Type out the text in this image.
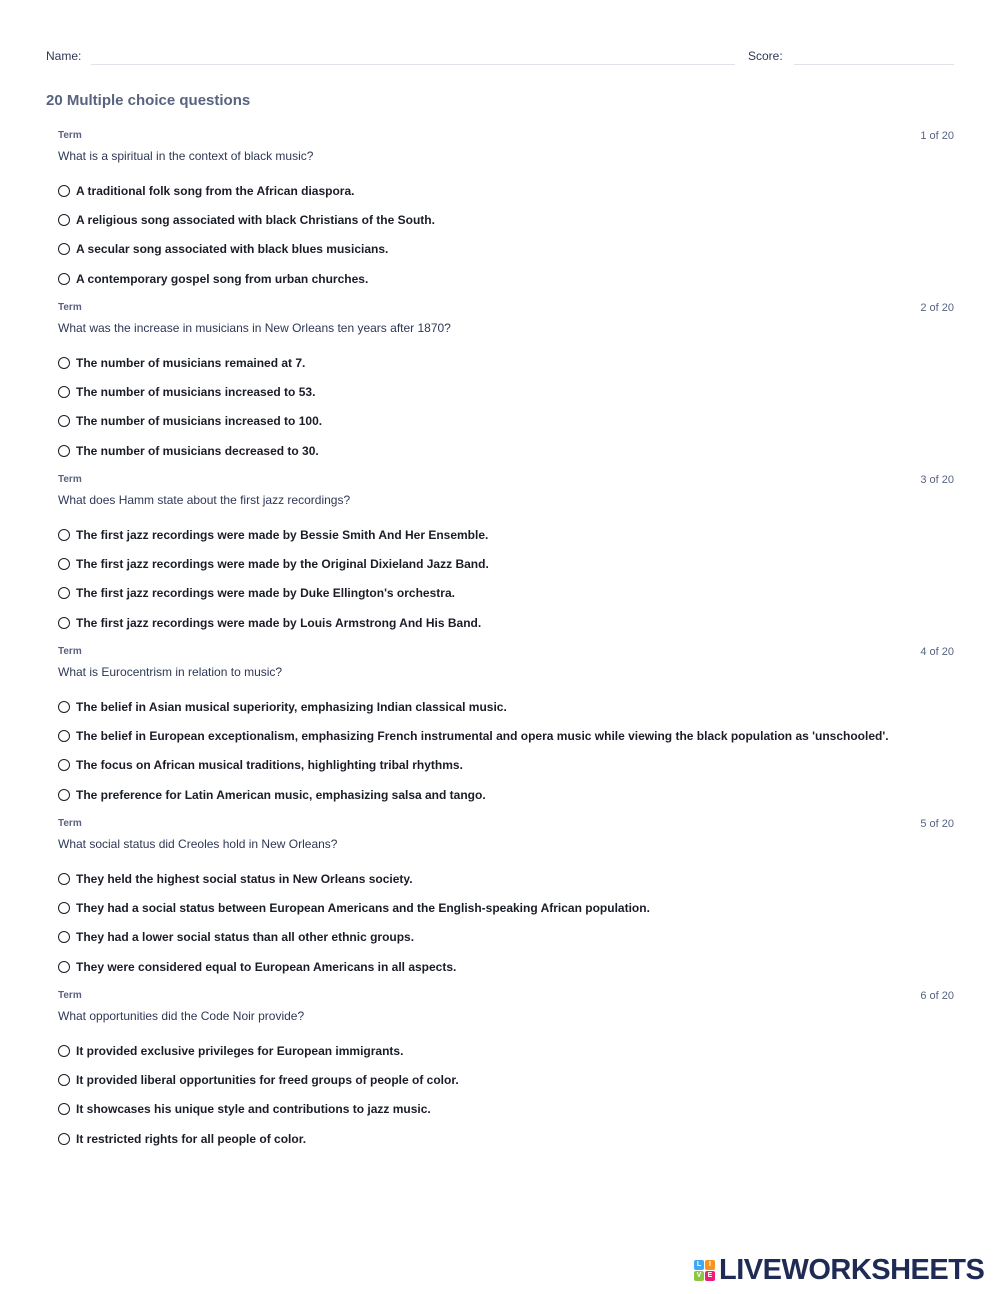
Name:	Score:
20 Multiple choice questions
Term	1 of 20
What is a spiritual in the context of black music?
A traditional folk song from the African diaspora.
A religious song associated with black Christians of the South.
A secular song associated with black blues musicians.
A contemporary gospel song from urban churches.
Term	2 of 20
What was the increase in musicians in New Orleans ten years after 1870?
The number of musicians remained at 7.
The number of musicians increased to 53.
The number of musicians increased to 100.
The number of musicians decreased to 30.
Term	3 of 20
What does Hamm state about the first jazz recordings?
The first jazz recordings were made by Bessie Smith And Her Ensemble.
The first jazz recordings were made by the Original Dixieland Jazz Band.
The first jazz recordings were made by Duke Ellington's orchestra.
The first jazz recordings were made by Louis Armstrong And His Band.
Term	4 of 20
What is Eurocentrism in relation to music?
The belief in Asian musical superiority, emphasizing Indian classical music.
The belief in European exceptionalism, emphasizing French instrumental and opera music while viewing the black population as 'unschooled'.
The focus on African musical traditions, highlighting tribal rhythms.
The preference for Latin American music, emphasizing salsa and tango.
Term	5 of 20
What social status did Creoles hold in New Orleans?
They held the highest social status in New Orleans society.
They had a social status between European Americans and the English-speaking African population.
They had a lower social status than all other ethnic groups.
They were considered equal to European Americans in all aspects.
Term	6 of 20
What opportunities did the Code Noir provide?
It provided exclusive privileges for European immigrants.
It provided liberal opportunities for freed groups of people of color.
It showcases his unique style and contributions to jazz music.
It restricted rights for all people of color.
L	I
V E LIVEWORKSHEETS
